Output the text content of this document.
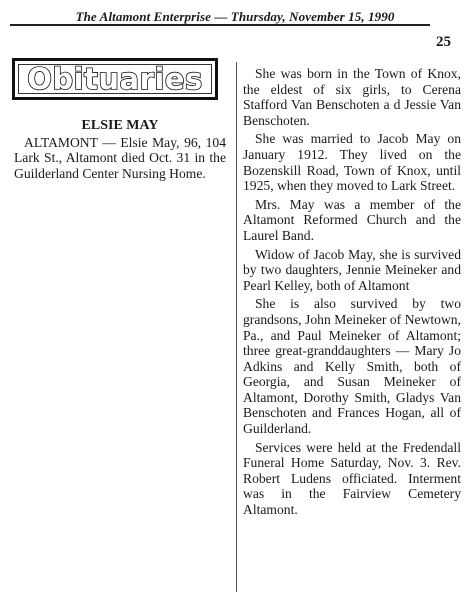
The Altamont Enterprise — Thursday, November 15, 1990
25
Obituaries
ELSIE MAY

ALTAMONT — Elsie May, 96, 104 Lark St., Altamont died Oct. 31 in the Guilderland Center Nursing Home.

She was born in the Town of Knox, the eldest of six girls, to Cerena Stafford Van Benschoten a d Jessie Van Benschoten.

She was married to Jacob May on January 1912. They lived on the Bozenskill Road, Town of Knox, until 1925, when they moved to Lark Street.

Mrs. May was a member of the Altamont Reformed Church and the Laurel Band.

Widow of Jacob May, she is survived by two daughters, Jennie Meineker and Pearl Kelley, both of Altamont

She is also survived by two grandsons, John Meineker of Newtown, Pa., and Paul Meineker of Altamont; three great-granddaughters — Mary Jo Adkins and Kelly Smith, both of Georgia, and Susan Meineker of Altamont, Dorothy Smith, Gladys Van Benschoten and Frances Hogan, all of Guilderland.

Services were held at the Fredendall Funeral Home Saturday, Nov. 3. Rev. Robert Ludens officiated. Interment was in the Fairview Cemetery Altamont.
